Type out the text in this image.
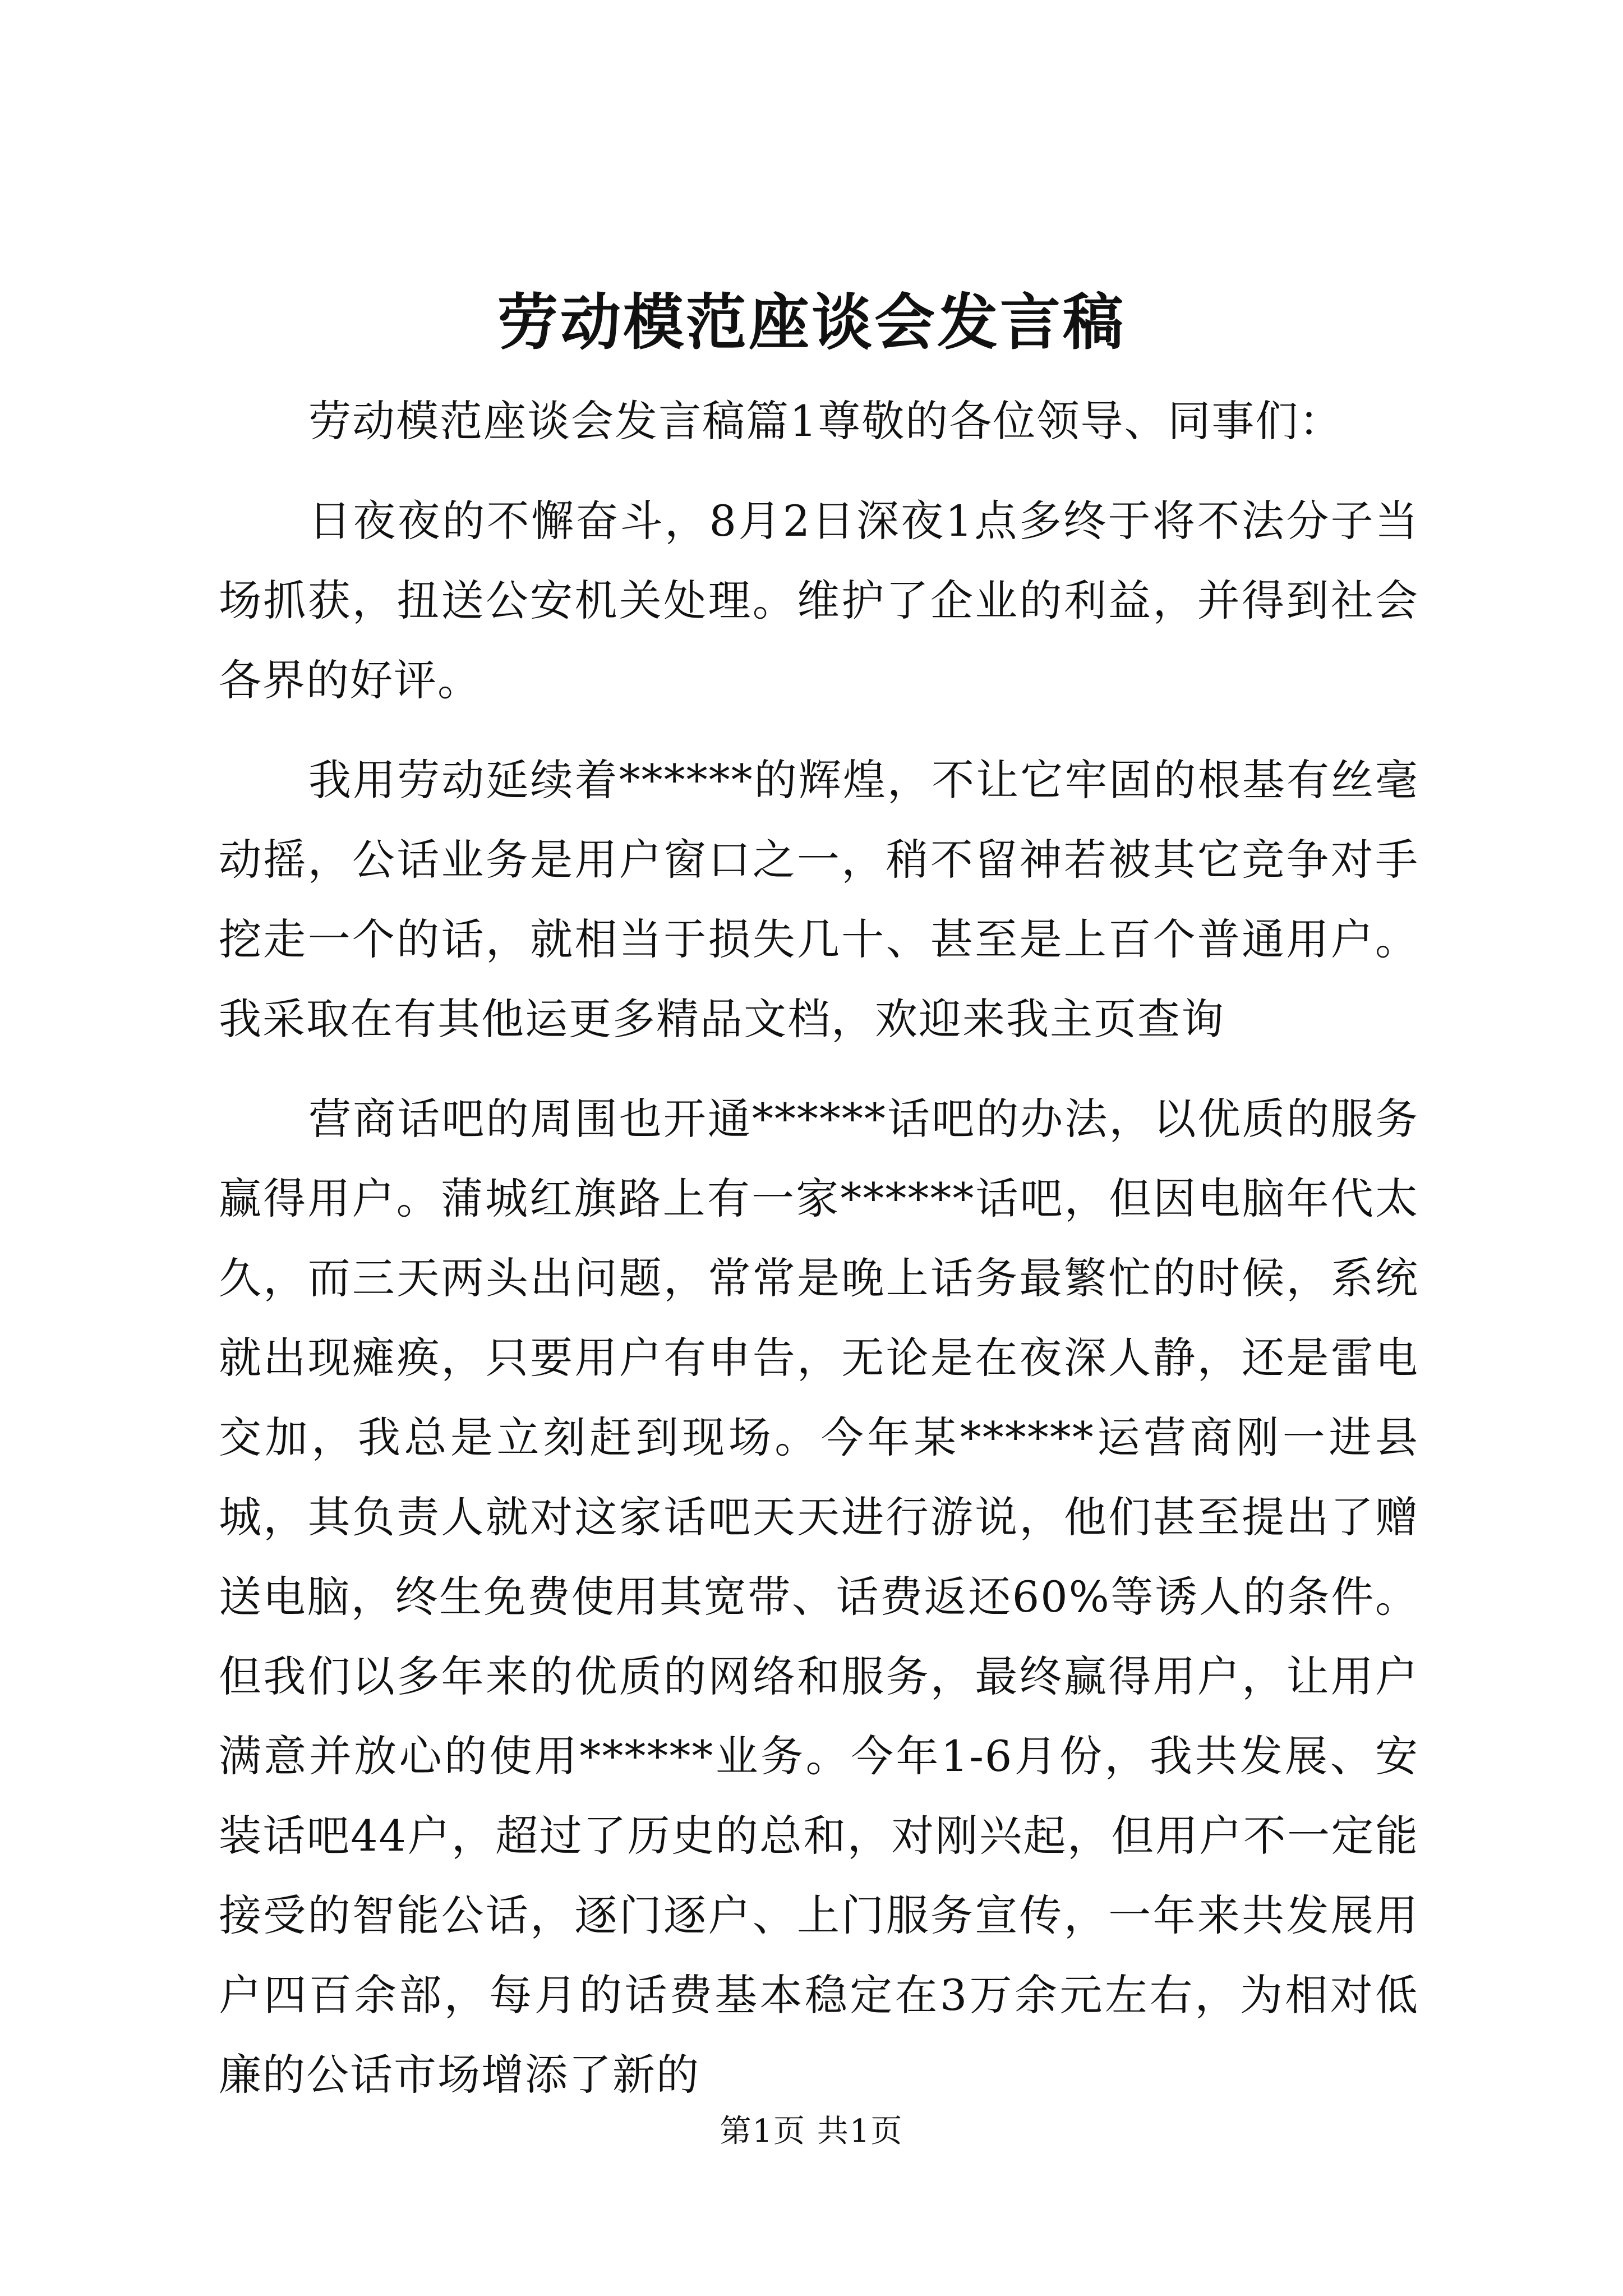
劳动模范座谈会发言稿

劳动模范座谈会发言稿篇1尊敬的各位领导、同事们：

日夜夜的不懈奋斗，8月2日深夜1点多终于将不法分子当场抓获，扭送公安机关处理。维护了企业的利益，并得到社会各界的好评。

我用劳动延续着******的辉煌，不让它牢固的根基有丝毫动摇，公话业务是用户窗口之一，稍不留神若被其它竞争对手挖走一个的话，就相当于损失几十、甚至是上百个普通用户。我采取在有其他运更多精品文档，欢迎来我主页查询

营商话吧的周围也开通******话吧的办法，以优质的服务赢得用户。蒲城红旗路上有一家******话吧，但因电脑年代太久，而三天两头出问题，常常是晚上话务最繁忙的时候，系统就出现瘫痪，只要用户有申告，无论是在夜深人静，还是雷电交加，我总是立刻赶到现场。今年某******运营商刚一进县城，其负责人就对这家话吧天天进行游说，他们甚至提出了赠送电脑，终生免费使用其宽带、话费返还60%等诱人的条件。但我们以多年来的优质的网络和服务，最终赢得用户，让用户满意并放心的使用******业务。今年1-6月份，我共发展、安装话吧44户，超过了历史的总和，对刚兴起，但用户不一定能接受的智能公话，逐门逐户、上门服务宣传，一年来共发展用户四百余部，每月的话费基本稳定在3万余元左右，为相对低廉的公话市场增添了新的

第1页 共1页
